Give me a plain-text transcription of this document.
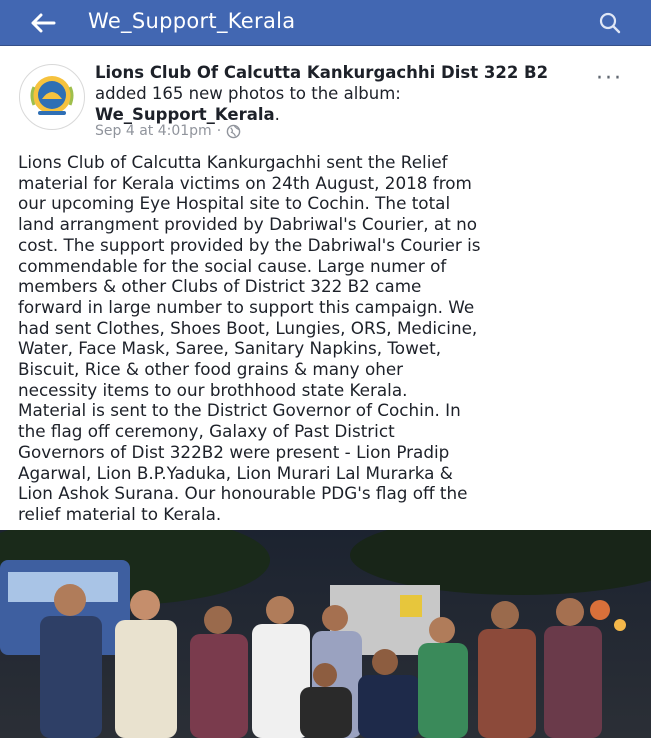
We_Support_Kerala
Lions Club Of Calcutta Kankurgachhi Dist 322 B2 added 165 new photos to the album: We_Support_Kerala.
Sep 4 at 4:01pm ·
···
Lions Club of Calcutta Kankurgachhi sent the Relief
material for Kerala victims on 24th August, 2018 from
our upcoming Eye Hospital site to Cochin. The total
land arrangment provided by Dabriwal's Courier, at no
cost. The support provided by the Dabriwal's Courier is
commendable for the social cause. Large numer of
members & other Clubs of District 322 B2 came
forward in large number to support this campaign. We
had sent Clothes, Shoes Boot, Lungies, ORS, Medicine,
Water, Face Mask, Saree, Sanitary Napkins, Towet,
Biscuit, Rice & other food grains & many oher
necessity items to our brothhood state Kerala.
Material is sent to the District Governor of Cochin. In
the flag off ceremony, Galaxy of Past District
Governors of Dist 322B2 were present - Lion Pradip
Agarwal, Lion B.P.Yaduka, Lion Murari Lal Murarka &
Lion Ashok Surana. Our honourable PDG's flag off the
relief material to Kerala.
